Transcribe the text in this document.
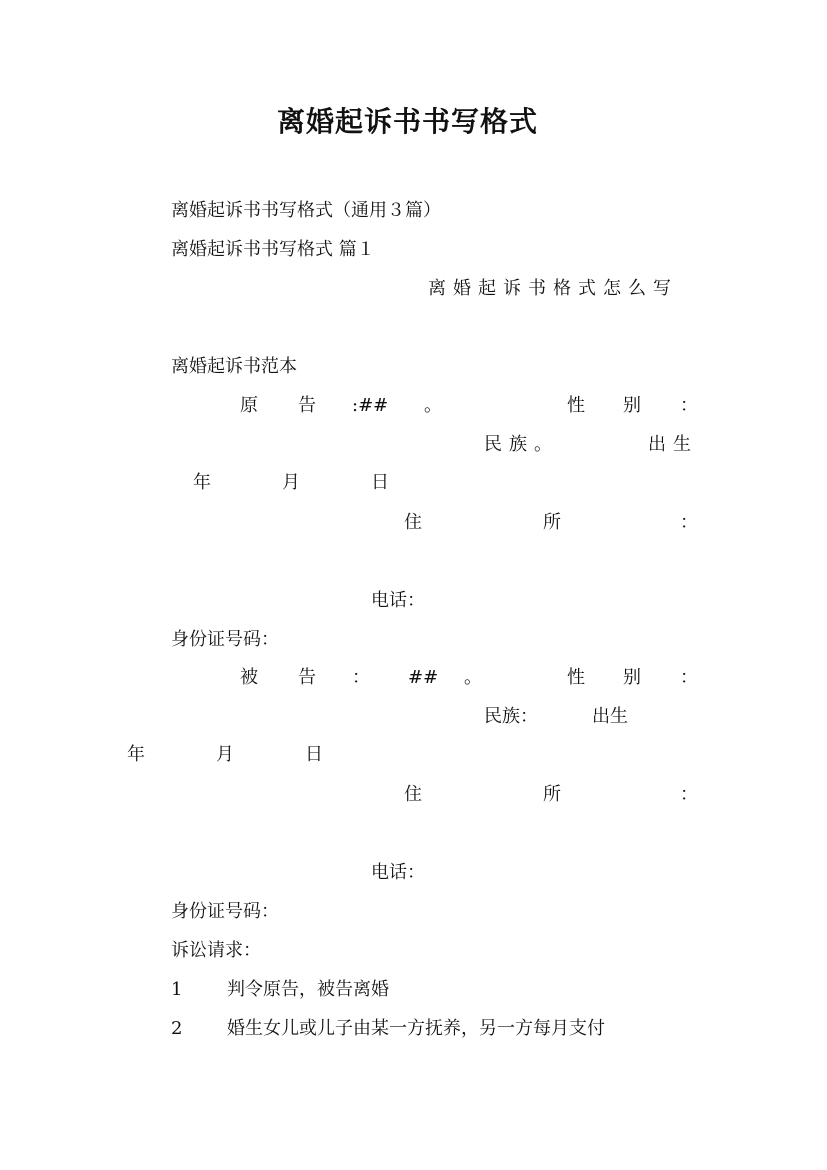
离婚起诉书书写格式
离婚起诉书书写格式（通用３篇）
离婚起诉书书写格式 篇１
离婚起诉书格式怎么写
离婚起诉书范本
原 告 :## 。	性 别 ：
民族。	出生
年	月	日
住	所	：
电话：
身份证号码：
被 告 ： ## 。	性 别 ：
民族：	出生
年	月	日
住	所	：
电话：
身份证号码：
诉讼请求：
1 判令原告，被告离婚
2 婚生女儿或儿子由某一方抚养，另一方每月支付
